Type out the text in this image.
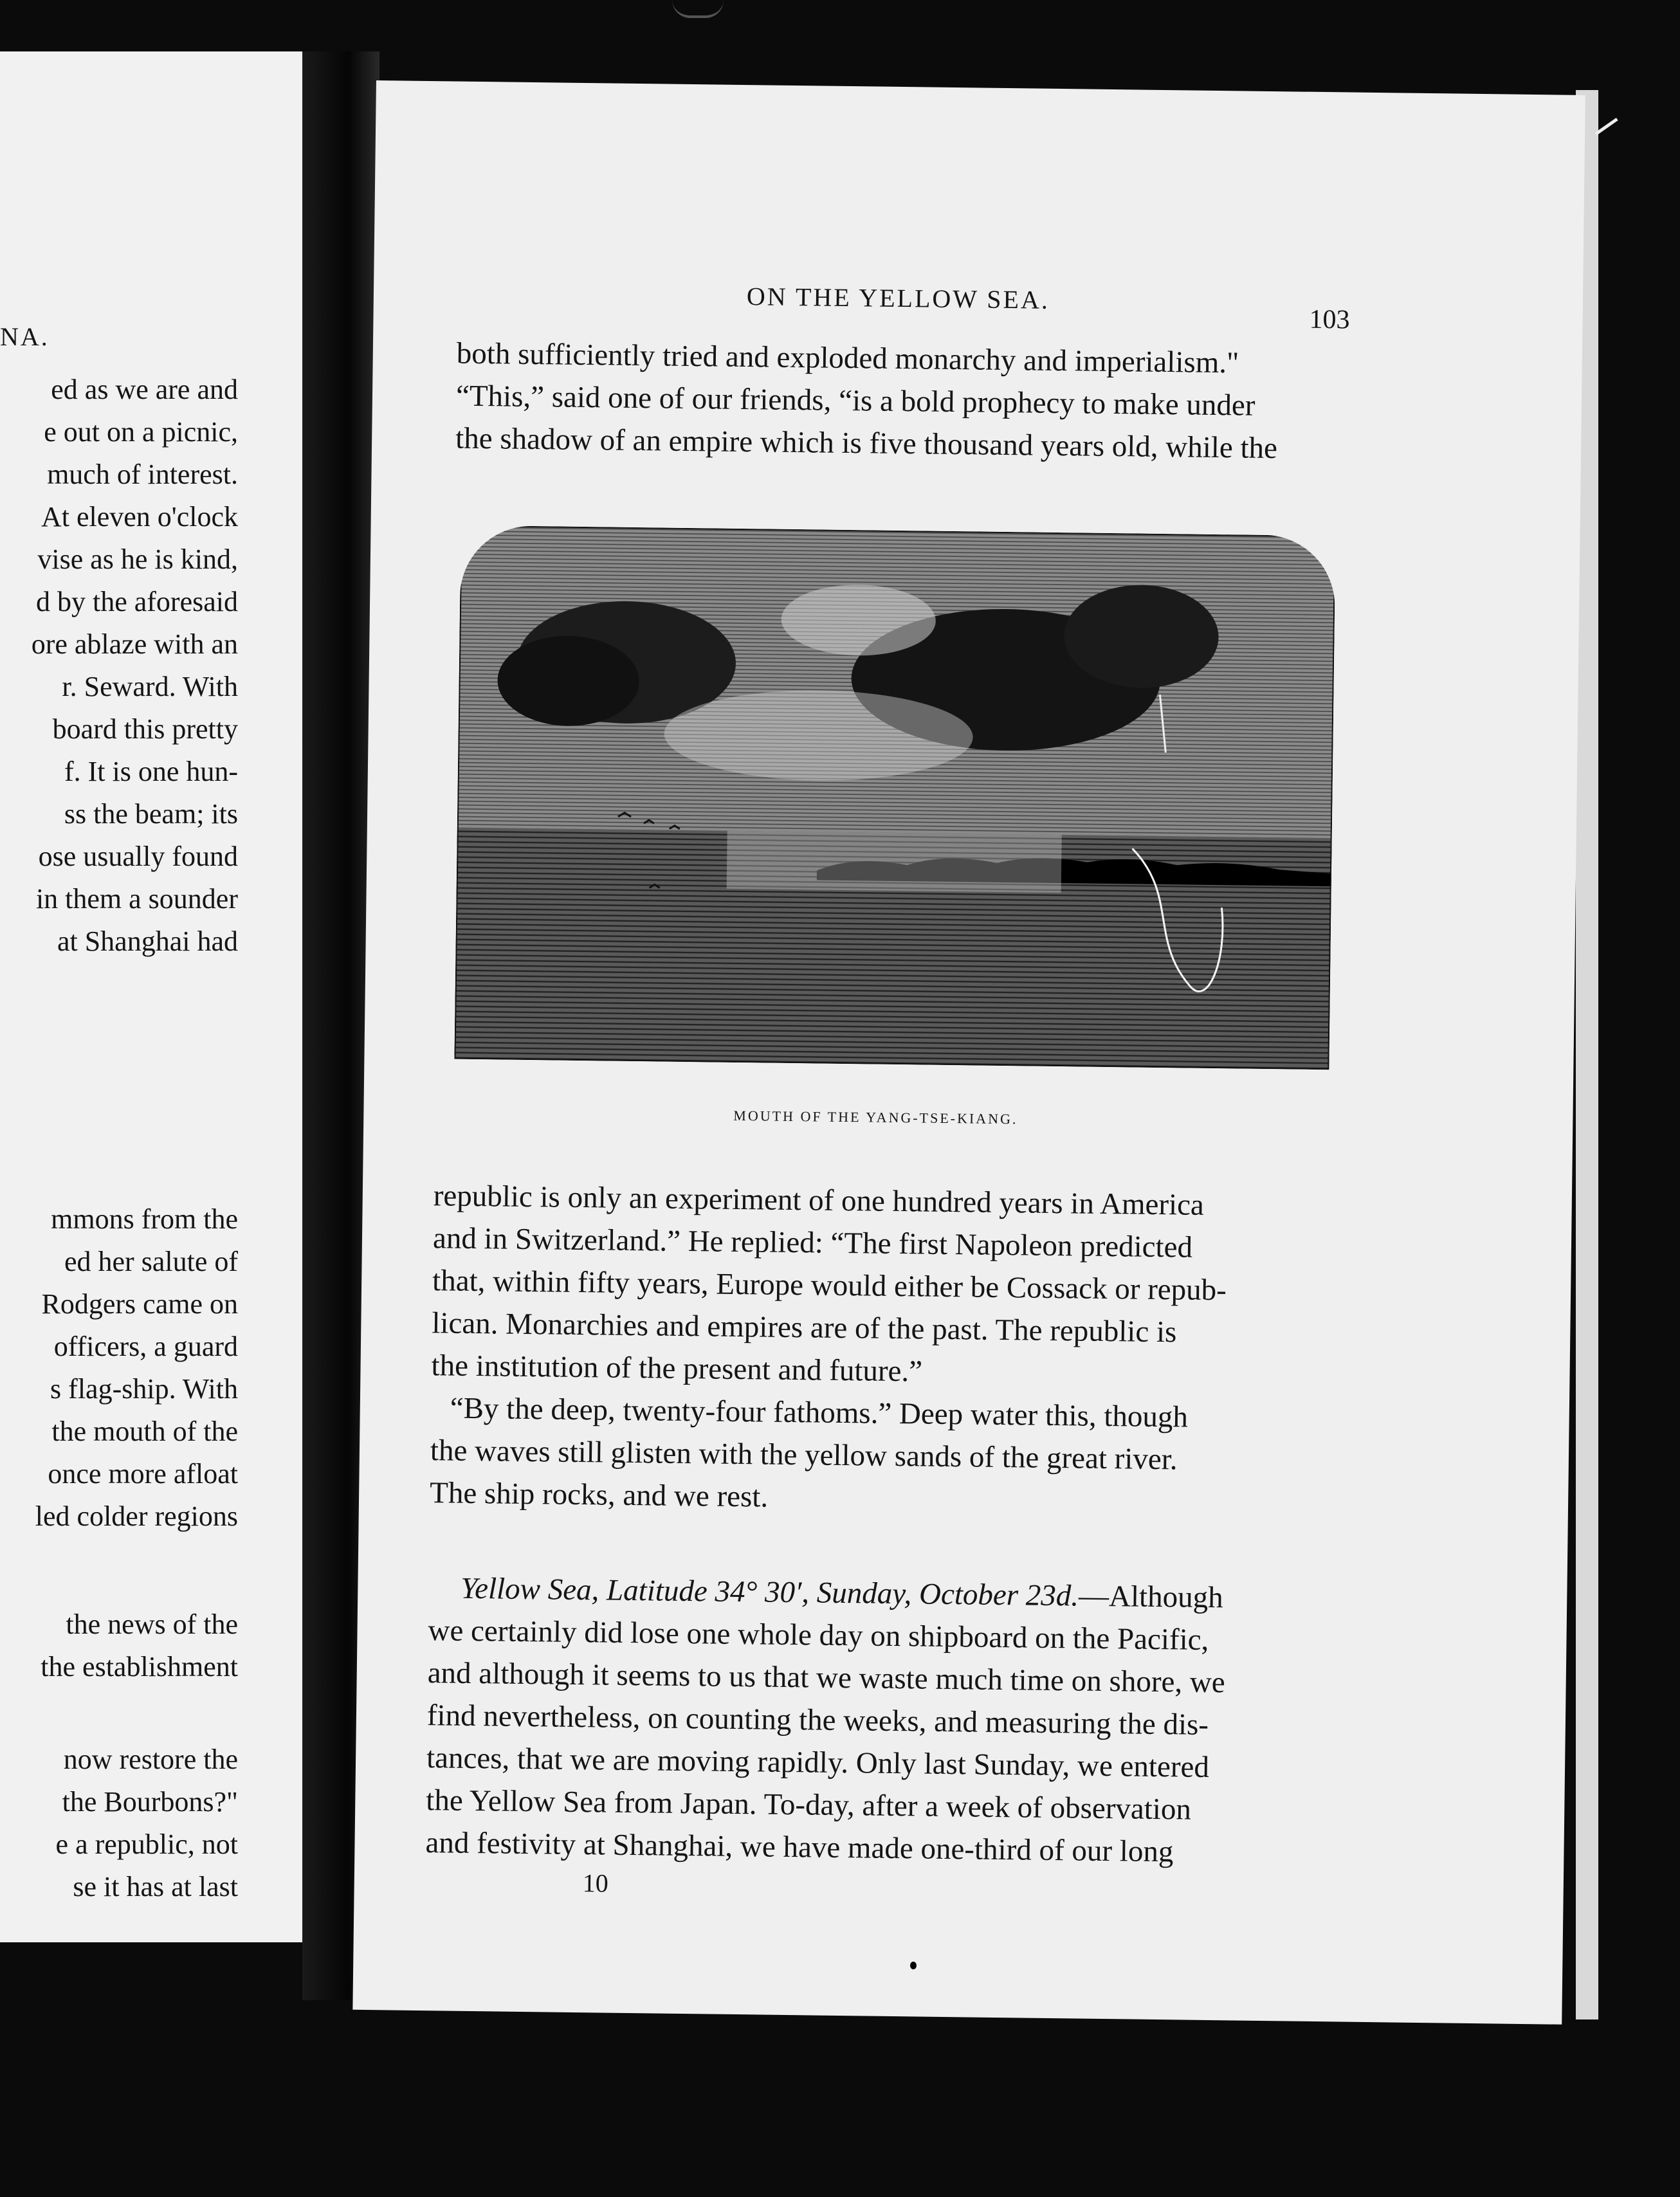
NA.
ed as we are and
e out on a picnic,
much of interest.
At eleven o'clock
vise as he is kind,
d by the aforesaid
ore ablaze with an
r. Seward. With
board this pretty
f. It is one hun-
ss the beam; its
ose usually found
in them a sounder
at Shanghai had
mmons from the
ed her salute of
Rodgers came on
officers, a guard
s flag-ship. With
the mouth of the
once more afloat
led colder regions
the news of the
the establishment
now restore the
the Bourbons?"
e a republic, not
se it has at last
ON THE YELLOW SEA.
103
both sufficiently tried and exploded monarchy and imperialism."
“This,” said one of our friends, “is a bold prophecy to make under
the shadow of an empire which is five thousand years old, while the
MOUTH OF THE YANG-TSE-KIANG.
republic is only an experiment of one hundred years in America
and in Switzerland.” He replied: “The first Napoleon predicted
that, within fifty years, Europe would either be Cossack or repub-
lican. Monarchies and empires are of the past. The republic is
the institution of the present and future.”
“By the deep, twenty-four fathoms.” Deep water this, though
the waves still glisten with the yellow sands of the great river.
The ship rocks, and we rest.
Yellow Sea, Latitude 34° 30′, Sunday, October 23d.—Although
we certainly did lose one whole day on shipboard on the Pacific,
and although it seems to us that we waste much time on shore, we
find nevertheless, on counting the weeks, and measuring the dis-
tances, that we are moving rapidly. Only last Sunday, we entered
the Yellow Sea from Japan. To-day, after a week of observation
and festivity at Shanghai, we have made one-third of our long
10
